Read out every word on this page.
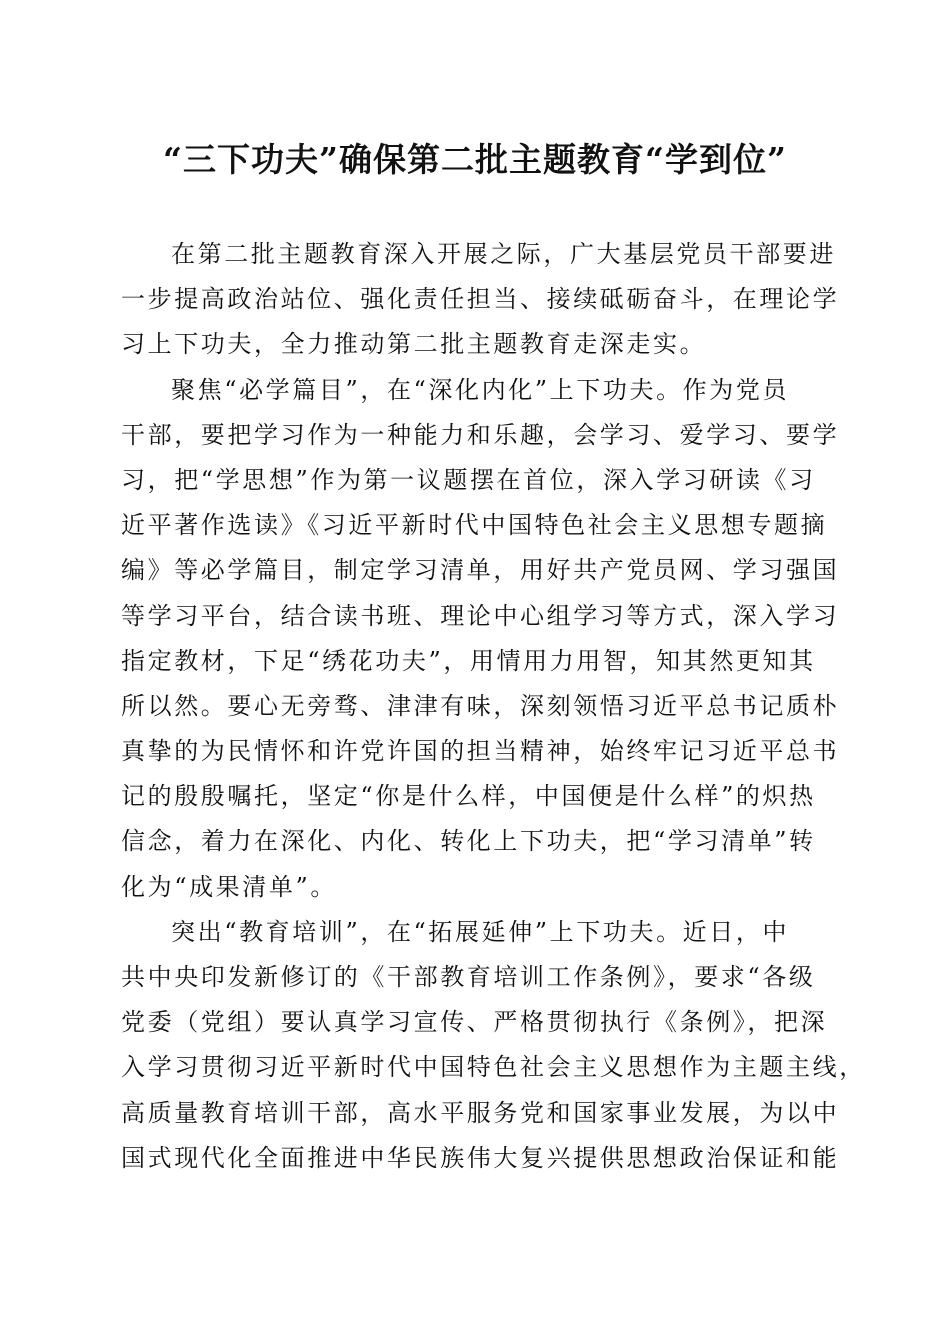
“三下功夫”确保第二批主题教育“学到位”
在第二批主题教育深入开展之际，广大基层党员干部要进
一步提高政治站位、强化责任担当、接续砥砺奋斗，在理论学
习上下功夫，全力推动第二批主题教育走深走实。
聚焦“必学篇目”，在“深化内化”上下功夫。作为党员
干部，要把学习作为一种能力和乐趣，会学习、爱学习、要学
习，把“学思想”作为第一议题摆在首位，深入学习研读《习
近平著作选读》《习近平新时代中国特色社会主义思想专题摘
编》等必学篇目，制定学习清单，用好共产党员网、学习强国
等学习平台，结合读书班、理论中心组学习等方式，深入学习
指定教材，下足“绣花功夫”，用情用力用智，知其然更知其
所以然。要心无旁骛、津津有味，深刻领悟习近平总书记质朴
真挚的为民情怀和许党许国的担当精神，始终牢记习近平总书
记的殷殷嘱托，坚定“你是什么样，中国便是什么样”的炽热
信念，着力在深化、内化、转化上下功夫，把“学习清单”转
化为“成果清单”。
突出“教育培训”，在“拓展延伸”上下功夫。近日，中
共中央印发新修订的《干部教育培训工作条例》，要求“各级
党委（党组）要认真学习宣传、严格贯彻执行《条例》，把深
入学习贯彻习近平新时代中国特色社会主义思想作为主题主线，
高质量教育培训干部，高水平服务党和国家事业发展，为以中
国式现代化全面推进中华民族伟大复兴提供思想政治保证和能
